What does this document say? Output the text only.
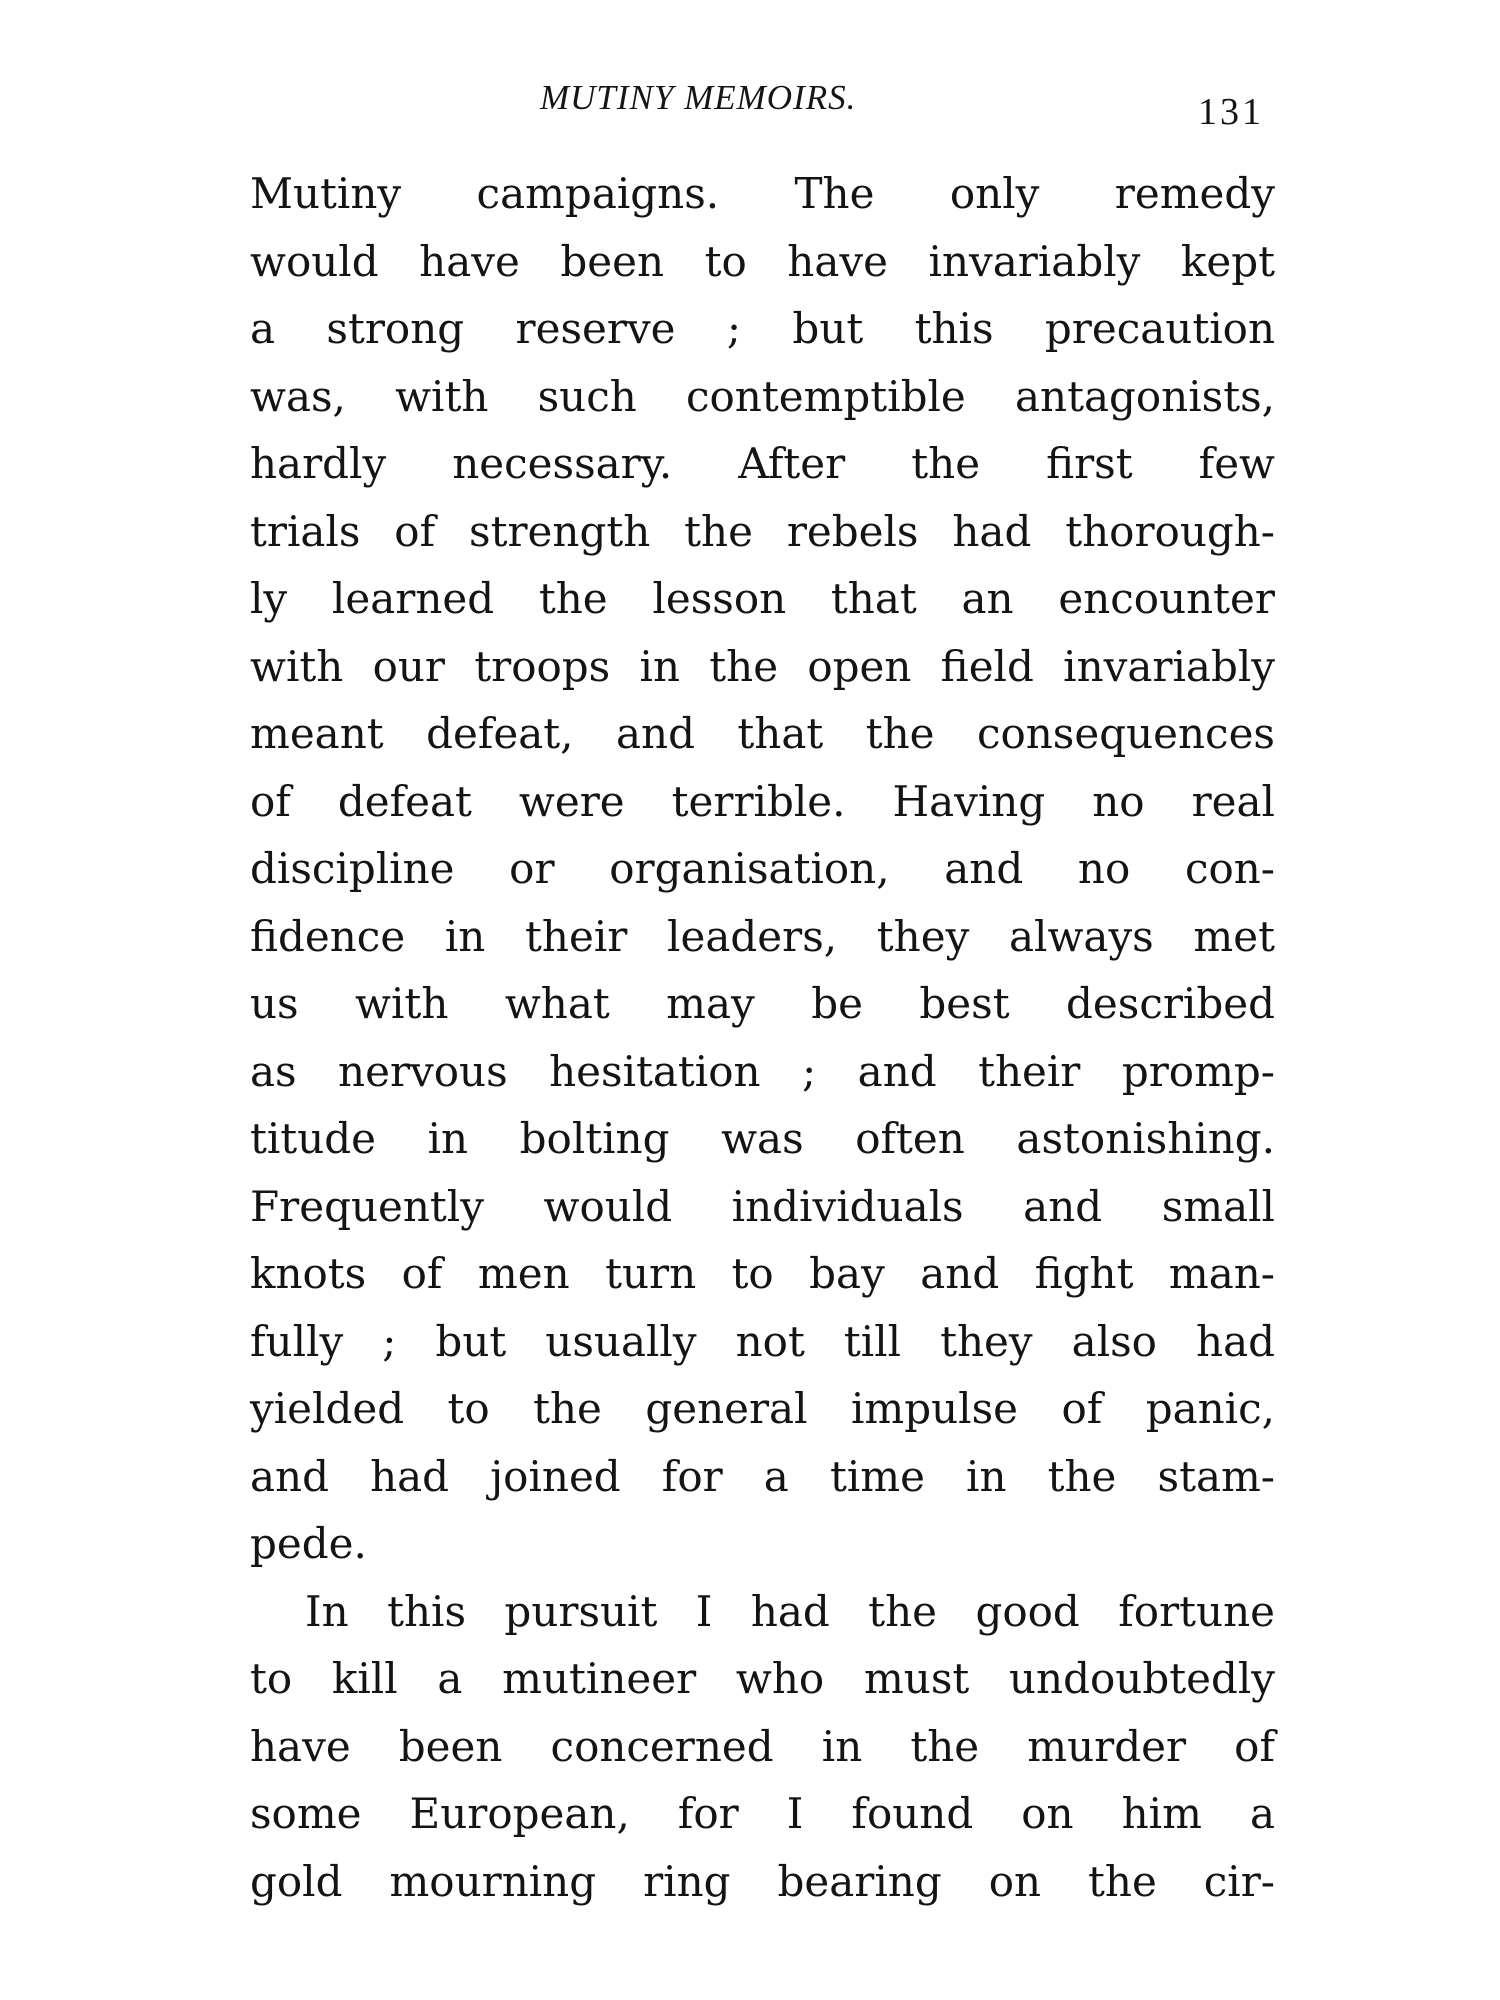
MUTINY MEMOIRS.	131
Mutiny campaigns. The only remedy
would have been to have invariably kept
a strong reserve ; but this precaution
was, with such contemptible antagonists,
hardly necessary. After the first few
trials of strength the rebels had thorough-
ly learned the lesson that an encounter
with our troops in the open field invariably
meant defeat, and that the consequences
of defeat were terrible. Having no real
discipline or organisation, and no con-
fidence in their leaders, they always met
us with what may be best described
as nervous hesitation ; and their promp-
titude in bolting was often astonishing.
Frequently would individuals and small
knots of men turn to bay and fight man-
fully ; but usually not till they also had
yielded to the general impulse of panic,
and had joined for a time in the stam-
pede.
In this pursuit I had the good fortune
to kill a mutineer who must undoubtedly
have been concerned in the murder of
some European, for I found on him a
gold mourning ring bearing on the cir-
